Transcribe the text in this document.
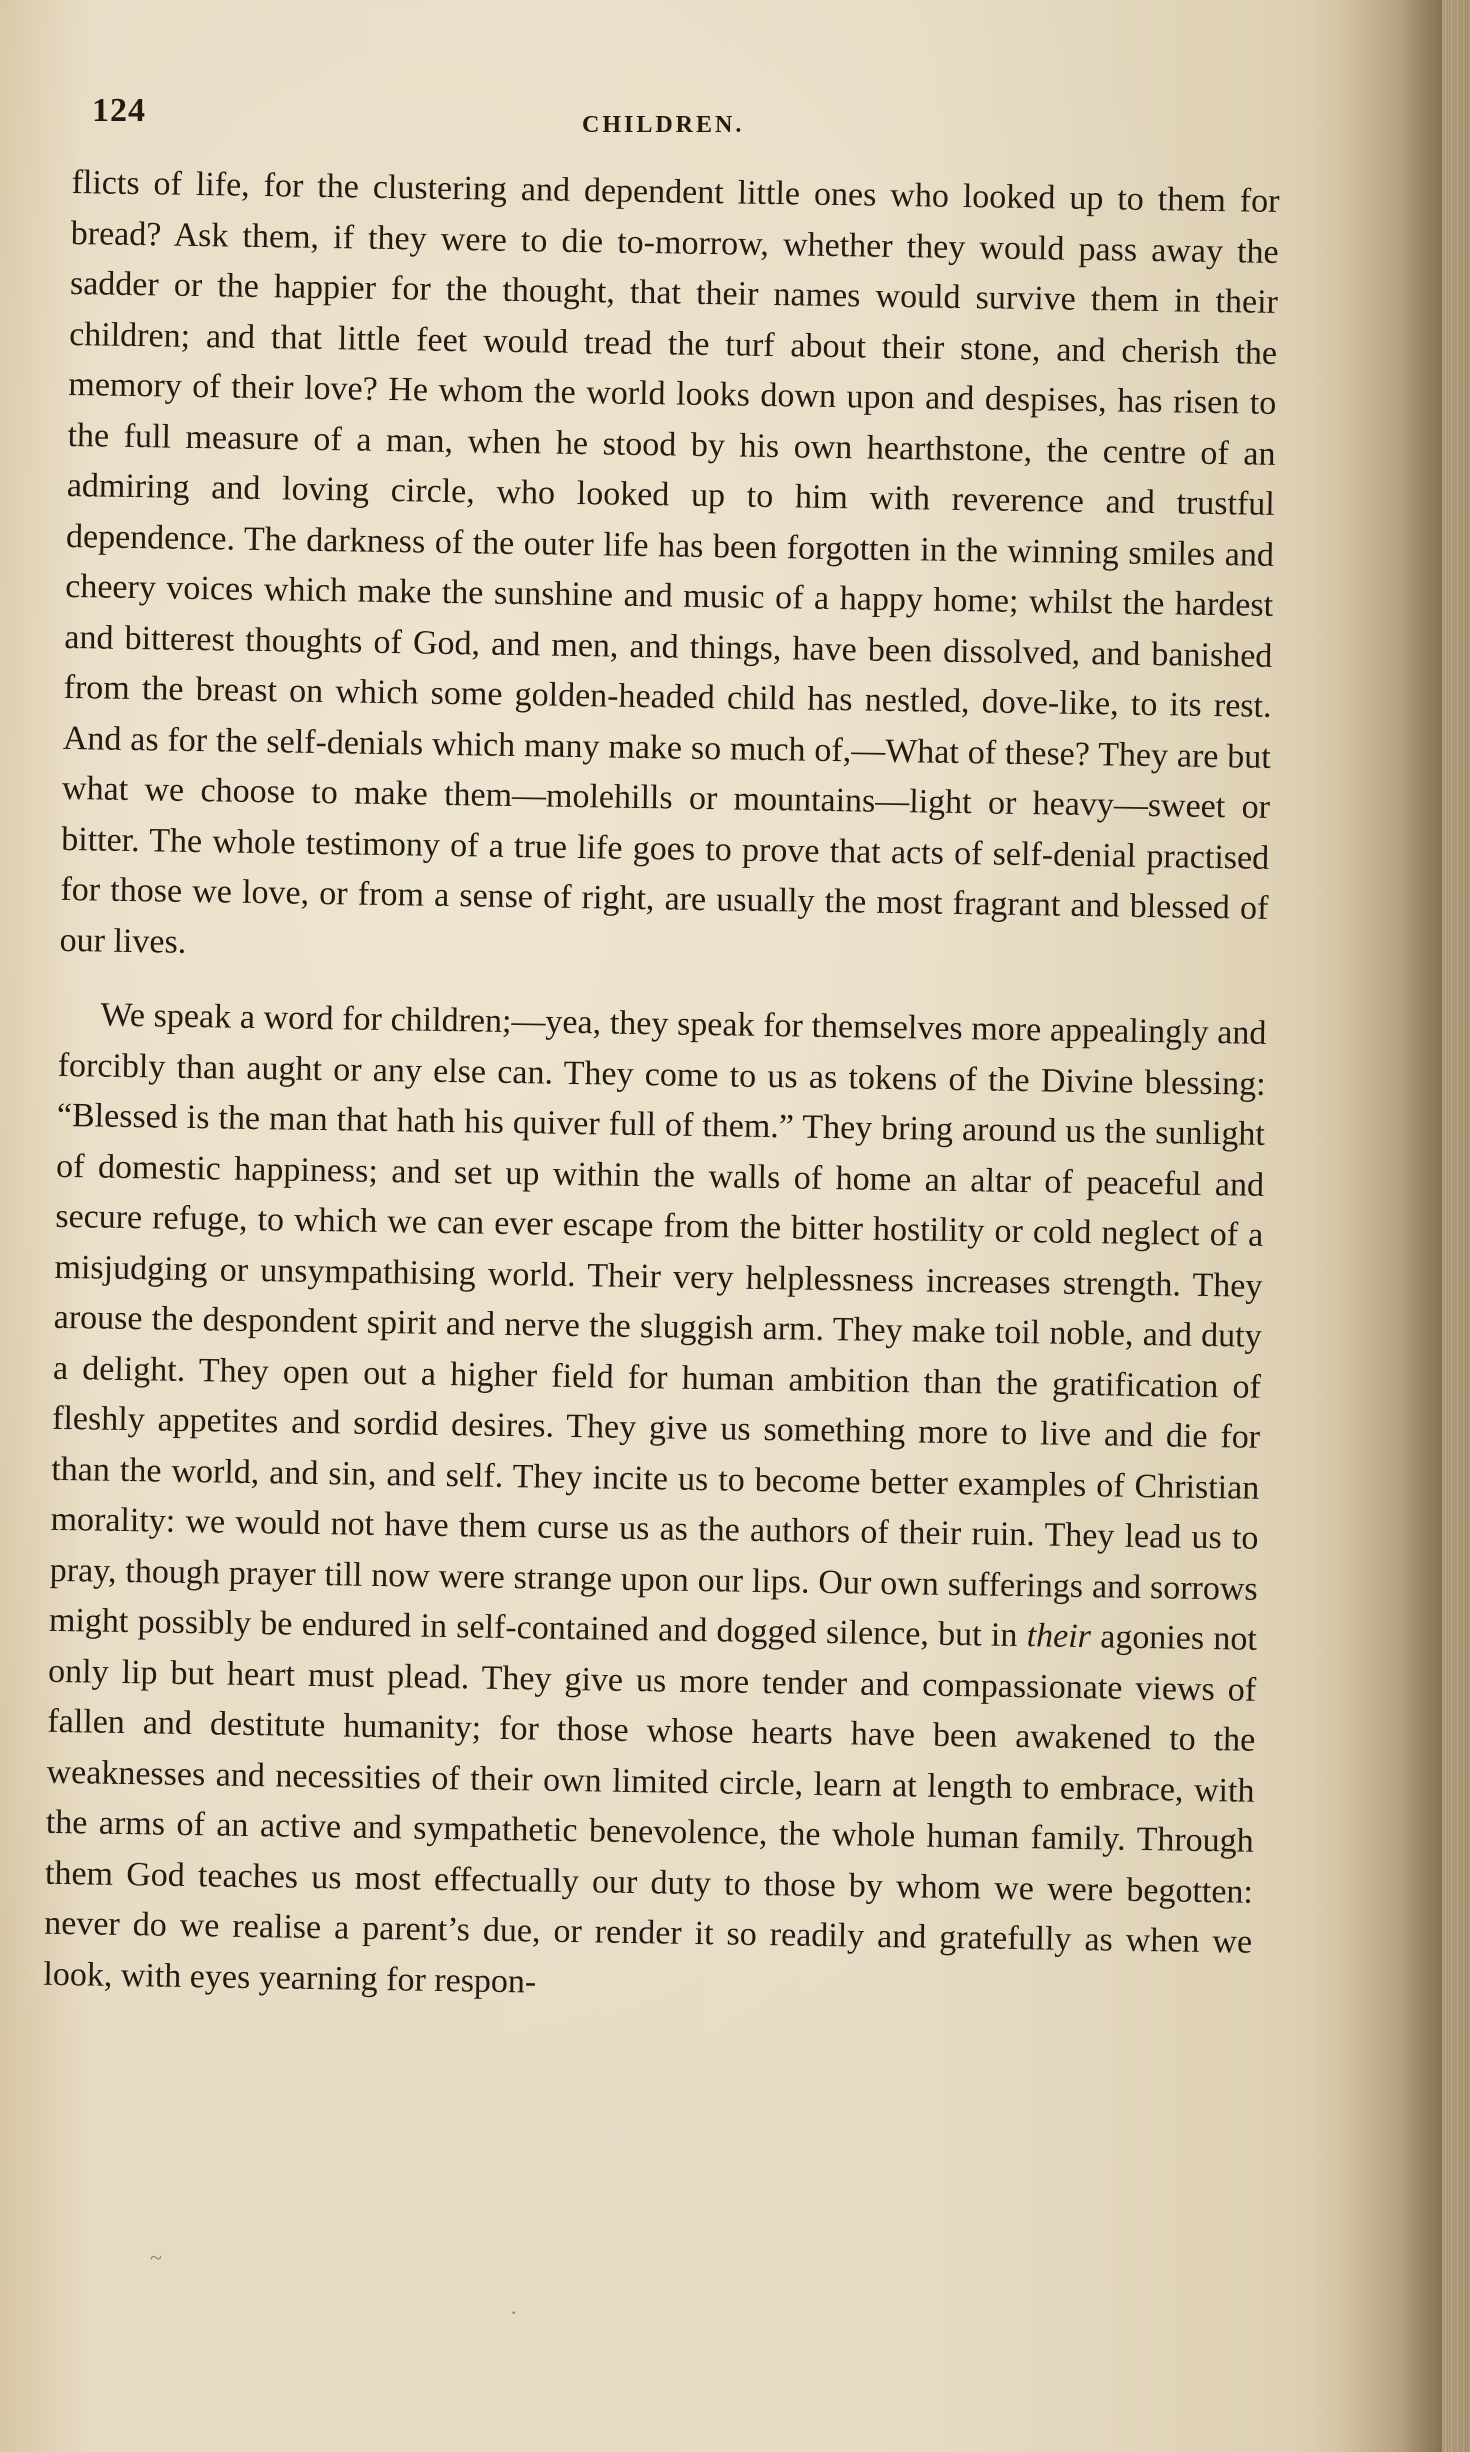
124	CHILDREN.

flicts of life, for the clustering and dependent little ones who looked up to them for bread? Ask them, if they were to die to-morrow, whether they would pass away the sadder or the happier for the thought, that their names would survive them in their children; and that little feet would tread the turf about their stone, and cherish the memory of their love? He whom the world looks down upon and despises, has risen to the full measure of a man, when he stood by his own hearthstone, the centre of an admiring and loving circle, who looked up to him with reverence and trustful dependence. The darkness of the outer life has been forgotten in the winning smiles and cheery voices which make the sunshine and music of a happy home; whilst the hardest and bitterest thoughts of God, and men, and things, have been dissolved, and banished from the breast on which some golden-headed child has nestled, dove-like, to its rest. And as for the self-denials which many make so much of,—What of these? They are but what we choose to make them—molehills or mountains—light or heavy—sweet or bitter. The whole testimony of a true life goes to prove that acts of self-denial practised for those we love, or from a sense of right, are usually the most fragrant and blessed of our lives.

We speak a word for children;—yea, they speak for themselves more appealingly and forcibly than aught or any else can. They come to us as tokens of the Divine blessing: “Blessed is the man that hath his quiver full of them.” They bring around us the sunlight of domestic happiness; and set up within the walls of home an altar of peaceful and secure refuge, to which we can ever escape from the bitter hostility or cold neglect of a misjudging or unsympathising world. Their very helplessness increases strength. They arouse the despondent spirit and nerve the sluggish arm. They make toil noble, and duty a delight. They open out a higher field for human ambition than the gratification of fleshly appetites and sordid desires. They give us something more to live and die for than the world, and sin, and self. They incite us to become better examples of Christian morality: we would not have them curse us as the authors of their ruin. They lead us to pray, though prayer till now were strange upon our lips. Our own sufferings and sorrows might possibly be endured in self-contained and dogged silence, but in their agonies not only lip but heart must plead. They give us more tender and compassionate views of fallen and destitute humanity; for those whose hearts have been awakened to the weaknesses and necessities of their own limited circle, learn at length to embrace, with the arms of an active and sympathetic benevolence, the whole human family. Through them God teaches us most effectually our duty to those by whom we were begotten: never do we realise a parent’s due, or render it so readily and gratefully as when we look, with eyes yearning for respon-

~
·
